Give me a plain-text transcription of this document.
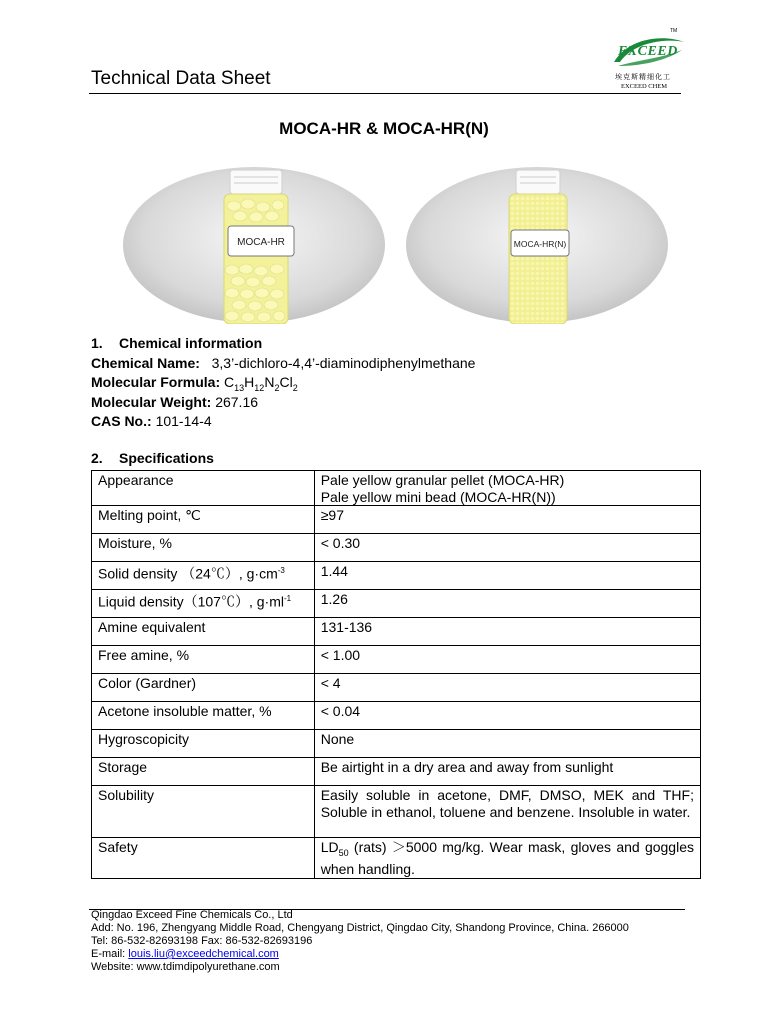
Technical Data Sheet
TM
EXCEED
埃克斯精细化工
EXCEED CHEM
MOCA-HR & MOCA-HR(N)
MOCA-HR	MOCA-HR(N)
1. Chemical information
Chemical Name: 3,3’-dichloro-4,4’-diaminodiphenylmethane
Molecular Formula: $C_{13}H_{12}N_2Cl_2$
Molecular Weight: 267.16
CAS No.: 101-14-4
2. Specifications
Appearance	Pale yellow granular pellet (MOCA-HR)
Pale yellow mini bead (MOCA-HR(N))

Melting point, ℃	≥97
Moisture, %	< 0.30
Solid density （24℃）, $g\cdot cm^{-3}$	1.44
Liquid density（107℃）, $g\cdot ml^{-1}$	1.26
Amine equivalent	131-136
Free amine, %	< 1.00
Color (Gardner)	< 4
Acetone insoluble matter, %	< 0.04
Hygroscopicity	None
Storage	Be airtight in a dry area and away from sunlight
Solubility	Easily soluble in acetone, DMF, DMSO, MEK and THF; Soluble in ethanol, toluene and benzene. Insoluble in water.
Safety	$LD_{50}$ (rats) ＞5000 mg/kg. Wear mask, gloves and goggles when handling.
Qingdao Exceed Fine Chemicals Co., Ltd
Add: No. 196, Zhengyang Middle Road, Chengyang District, Qingdao City, Shandong Province, China. 266000
Tel: 86-532-82693198 Fax: 86-532-82693196
E-mail: louis.liu@exceedchemical.com
Website: www.tdimdipolyurethane.com
